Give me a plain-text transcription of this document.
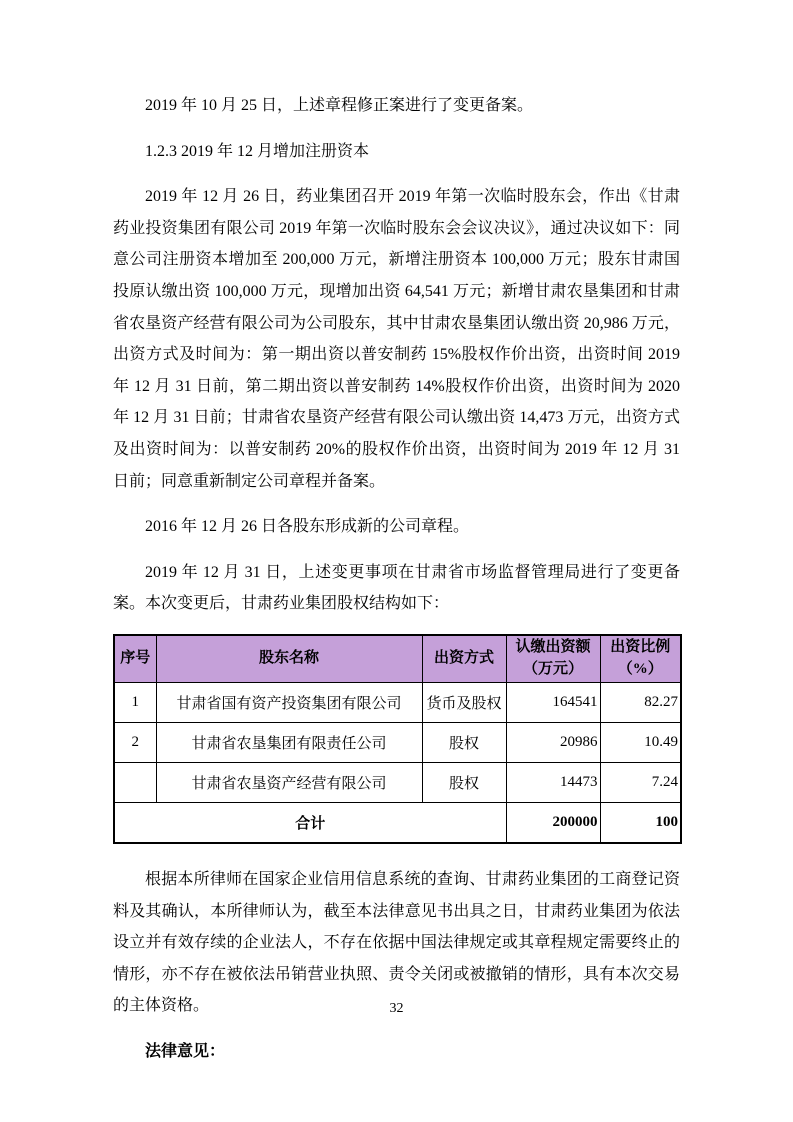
2019 年 10 月 25 日，上述章程修正案进行了变更备案。

1.2.3 2019 年 12 月增加注册资本

2019 年 12 月 26 日，药业集团召开 2019 年第一次临时股东会，作出《甘肃药业投资集团有限公司 2019 年第一次临时股东会会议决议》，通过决议如下：同意公司注册资本增加至 200,000 万元，新增注册资本 100,000 万元；股东甘肃国投原认缴出资 100,000 万元，现增加出资 64,541 万元；新增甘肃农垦集团和甘肃省农垦资产经营有限公司为公司股东，其中甘肃农垦集团认缴出资 20,986 万元，出资方式及时间为：第一期出资以普安制药 15%股权作价出资，出资时间 2019 年 12 月 31 日前，第二期出资以普安制药 14%股权作价出资，出资时间为 2020 年 12 月 31 日前；甘肃省农垦资产经营有限公司认缴出资 14,473 万元，出资方式及出资时间为：以普安制药 20%的股权作价出资，出资时间为 2019 年 12 月 31 日前；同意重新制定公司章程并备案。

2016 年 12 月 26 日各股东形成新的公司章程。

2019 年 12 月 31 日，上述变更事项在甘肃省市场监督管理局进行了变更备案。本次变更后，甘肃药业集团股权结构如下：

序号	股东名称	出资方式	认缴出资额（万元）	出资比例（%）
1	甘肃省国有资产投资集团有限公司	货币及股权	164541	82.27
2	甘肃省农垦集团有限责任公司	股权	20986	10.49
	甘肃省农垦资产经营有限公司	股权	14473	7.24
合计			200000	100

根据本所律师在国家企业信用信息系统的查询、甘肃药业集团的工商登记资料及其确认，本所律师认为，截至本法律意见书出具之日，甘肃药业集团为依法设立并有效存续的企业法人，不存在依据中国法律规定或其章程规定需要终止的情形，亦不存在被依法吊销营业执照、责令关闭或被撤销的情形，具有本次交易的主体资格。

法律意见：

32
